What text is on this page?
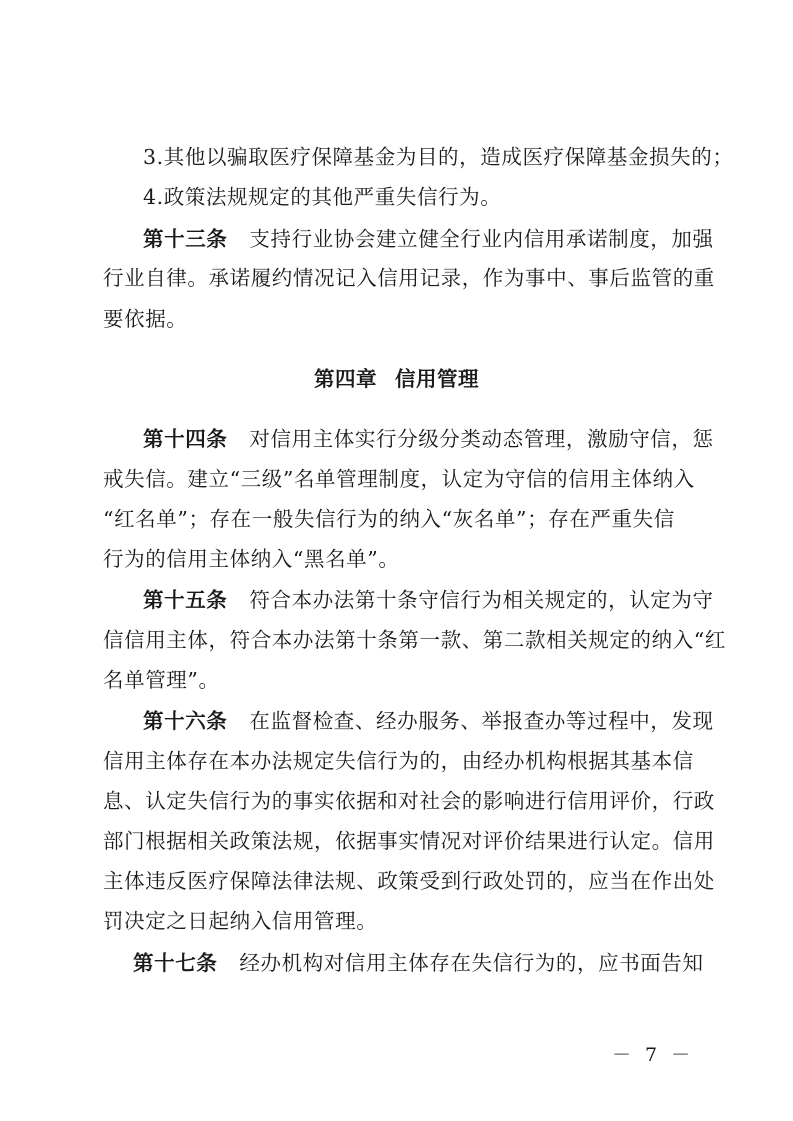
3.其他以骗取医疗保障基金为目的，造成医疗保障基金损失的；
4.政策法规规定的其他严重失信行为。
第十三条 支持行业协会建立健全行业内信用承诺制度，加强
行业自律。承诺履约情况记入信用记录，作为事中、事后监管的重
要依据。
第四章 信用管理
第十四条 对信用主体实行分级分类动态管理，激励守信，惩
戒失信。建立“三级”名单管理制度，认定为守信的信用主体纳入
“红名单”；存在一般失信行为的纳入“灰名单”；存在严重失信
行为的信用主体纳入“黑名单”。
第十五条 符合本办法第十条守信行为相关规定的，认定为守
信信用主体，符合本办法第十条第一款、第二款相关规定的纳入“红
名单管理”。
第十六条 在监督检查、经办服务、举报查办等过程中，发现
信用主体存在本办法规定失信行为的，由经办机构根据其基本信
息、认定失信行为的事实依据和对社会的影响进行信用评价，行政
部门根据相关政策法规，依据事实情况对评价结果进行认定。信用
主体违反医疗保障法律法规、政策受到行政处罚的，应当在作出处
罚决定之日起纳入信用管理。
第十七条 经办机构对信用主体存在失信行为的，应书面告知
－ 7 －
